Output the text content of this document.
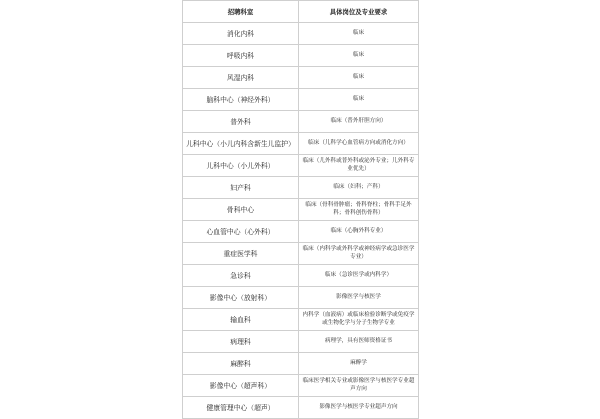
招聘科室	具体岗位及专业要求
消化内科	临床
呼吸内科	临床
风湿内科	临床
脑科中心（神经外科）	临床
普外科	临床（普外肝胆方向）
儿科中心（小儿内科含新生儿监护）	临床（儿科学心血管病方向或消化方向）
儿科中心（小儿外科）	临床（儿外科或普外科或泌外专业；儿外科专业优先）
妇产科	临床（妇科；产科）
骨科中心	临床（骨科骨肿瘤；骨科脊柱；骨科手足外科；骨科创伤骨科）
心血管中心（心外科）	临床（心胸外科专业）
重症医学科	临床（内科学或外科学或神经病学或急诊医学专业）
急诊科	临床（急诊医学或内科学）
影像中心（放射科）	影像医学与核医学
输血科	内科学（血液病）或临床检验诊断学或免疫学或生物化学与分子生物学专业
病理科	病理学，具有医师资格证书
麻醉科	麻醉学
影像中心（超声科）	临床医学相关专业或影像医学与核医学专业超声方向
健康管理中心（超声）	影像医学与核医学专业超声方向
